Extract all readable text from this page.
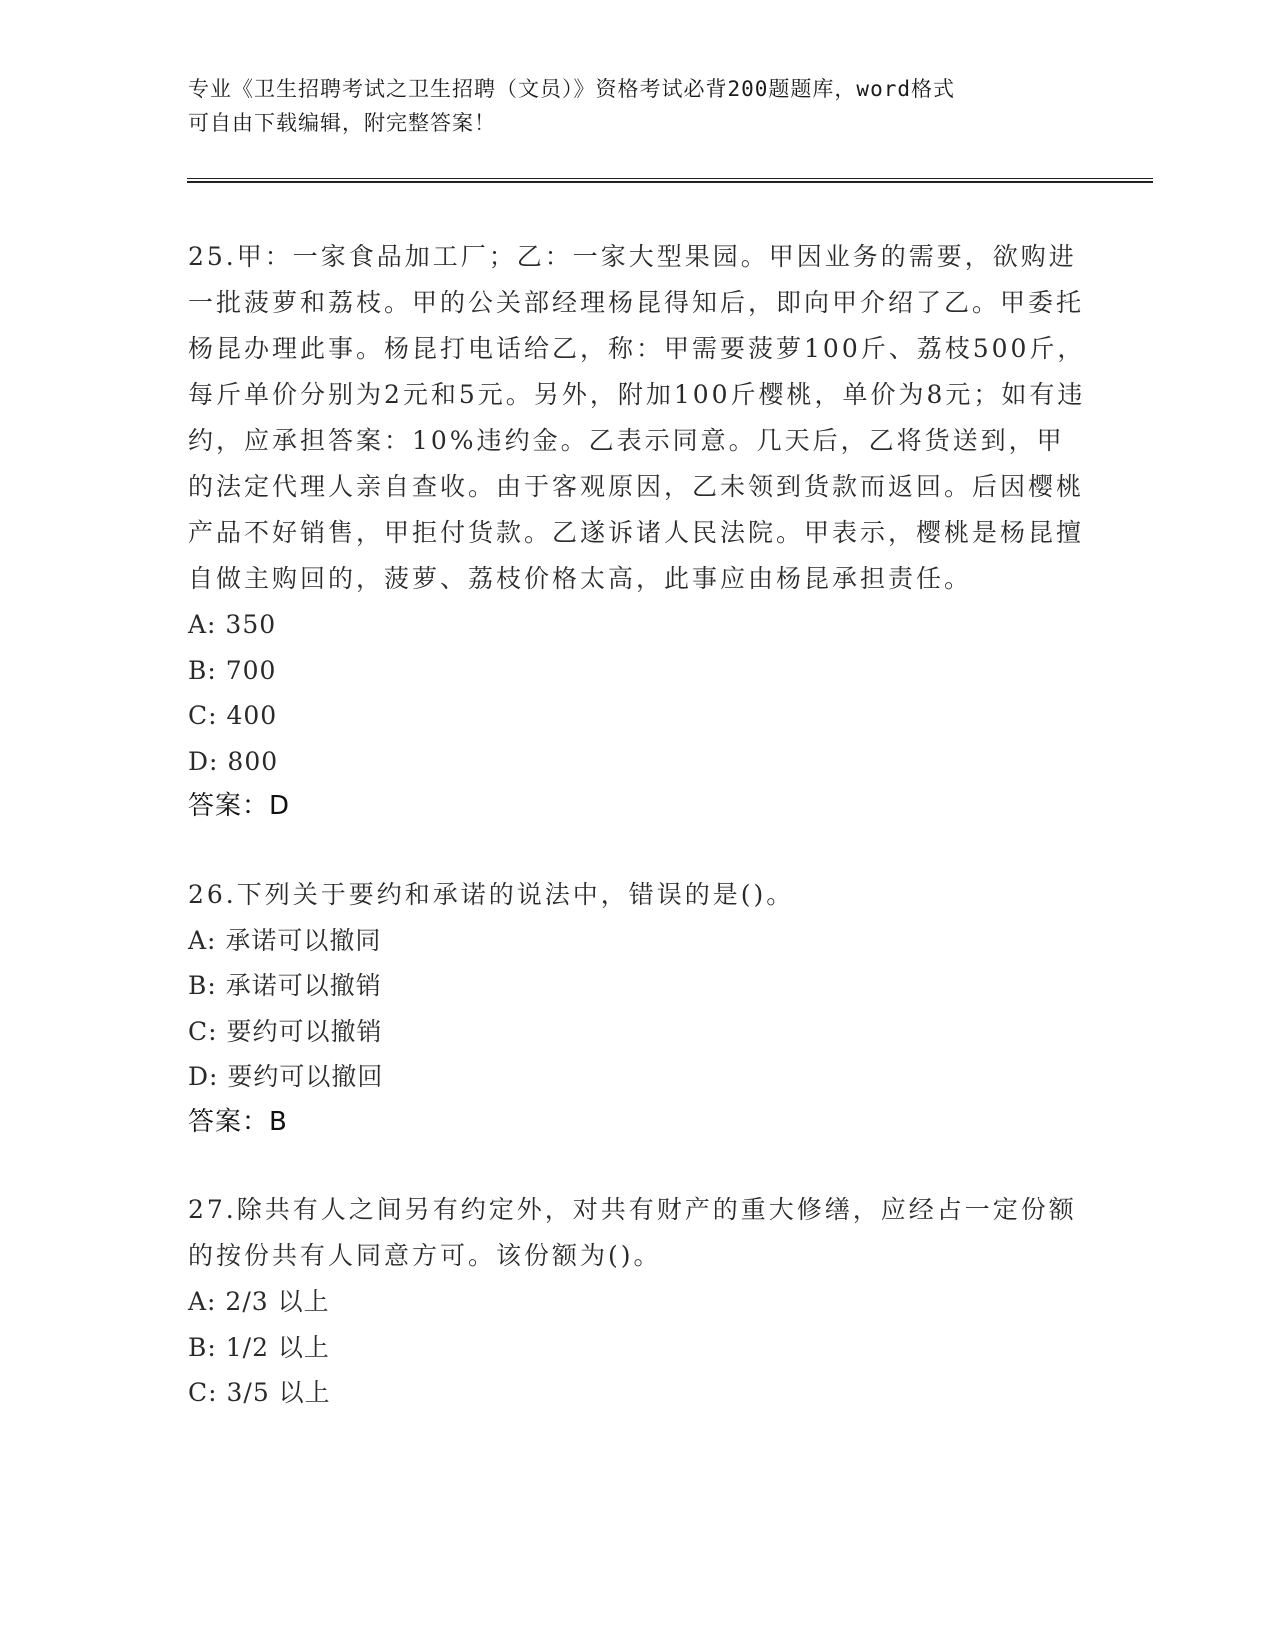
专业《卫生招聘考试之卫生招聘（文员）》资格考试必背200题题库，word格式
可自由下载编辑，附完整答案！
25.甲：一家食品加工厂；乙：一家大型果园。甲因业务的需要，欲购进一批菠萝和荔枝。甲的公关部经理杨昆得知后，即向甲介绍了乙。甲委托杨昆办理此事。杨昆打电话给乙，称：甲需要菠萝100斤、荔枝500斤，每斤单价分别为2元和5元。另外，附加100斤樱桃，单价为8元；如有违约，应承担答案：10%违约金。乙表示同意。几天后，乙将货送到，甲的法定代理人亲自查收。由于客观原因，乙未领到货款而返回。后因樱桃产品不好销售，甲拒付货款。乙遂诉诸人民法院。甲表示，樱桃是杨昆擅自做主购回的，菠萝、荔枝价格太高，此事应由杨昆承担责任。
A: 350
B: 700
C: 400
D: 800
答案：D
26.下列关于要约和承诺的说法中，错误的是()。
A: 承诺可以撤同
B: 承诺可以撤销
C: 要约可以撤销
D: 要约可以撤回
答案：B
27.除共有人之间另有约定外，对共有财产的重大修缮，应经占一定份额的按份共有人同意方可。该份额为()。
A: 2/3 以上
B: 1/2 以上
C: 3/5 以上
